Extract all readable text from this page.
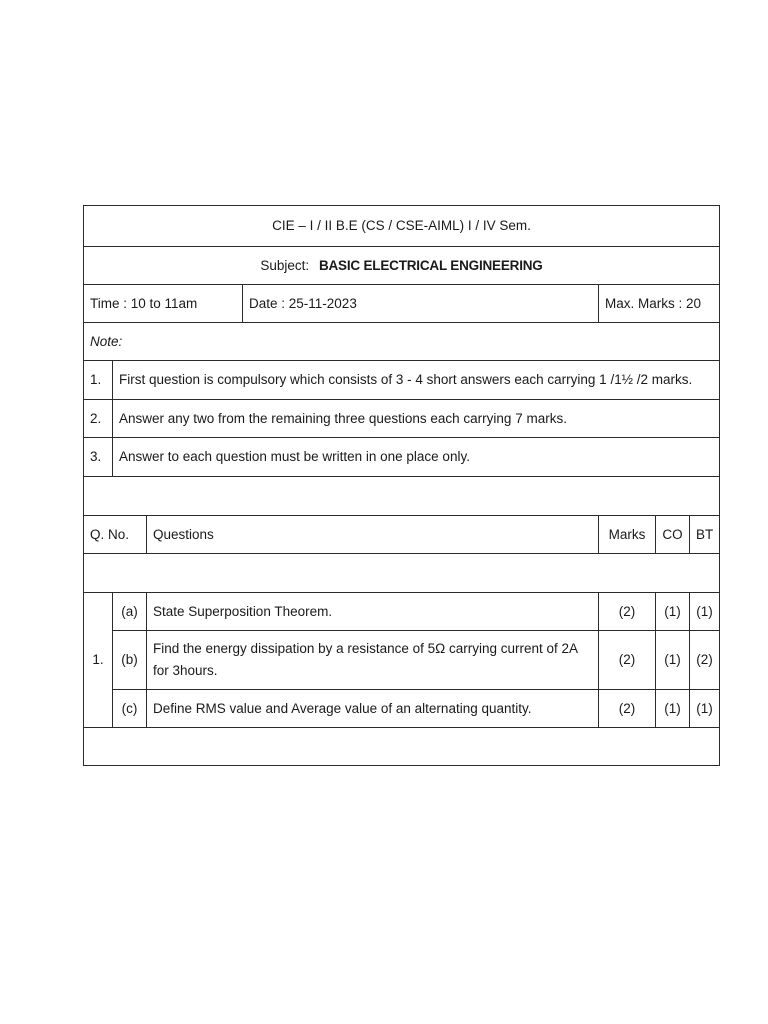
CIE – I / II B.E (CS / CSE-AIML) I / IV Sem.						
Subject: BASIC ELECTRICAL ENGINEERING						
Time : 10 to 11am			Date : 25-11-2023	Max. Marks : 20		
Note:						
1.	First question is compulsory which consists of 3 - 4 short answers each carrying 1 /1½ /2 marks.					
2.	Answer any two from the remaining three questions each carrying 7 marks.					
3.	Answer to each question must be written in one place only.					

Q. No.		Questions		Marks	CO	BT

1.	(a)	State Superposition Theorem.		(2)	(1)	(1)
	(b)	Find the energy dissipation by a resistance of 5Ω carrying current of 2A for 3hours.		(2)	(1)	(2)
	(c)	Define RMS value and Average value of an alternating quantity.		(2)	(1)	(1)
